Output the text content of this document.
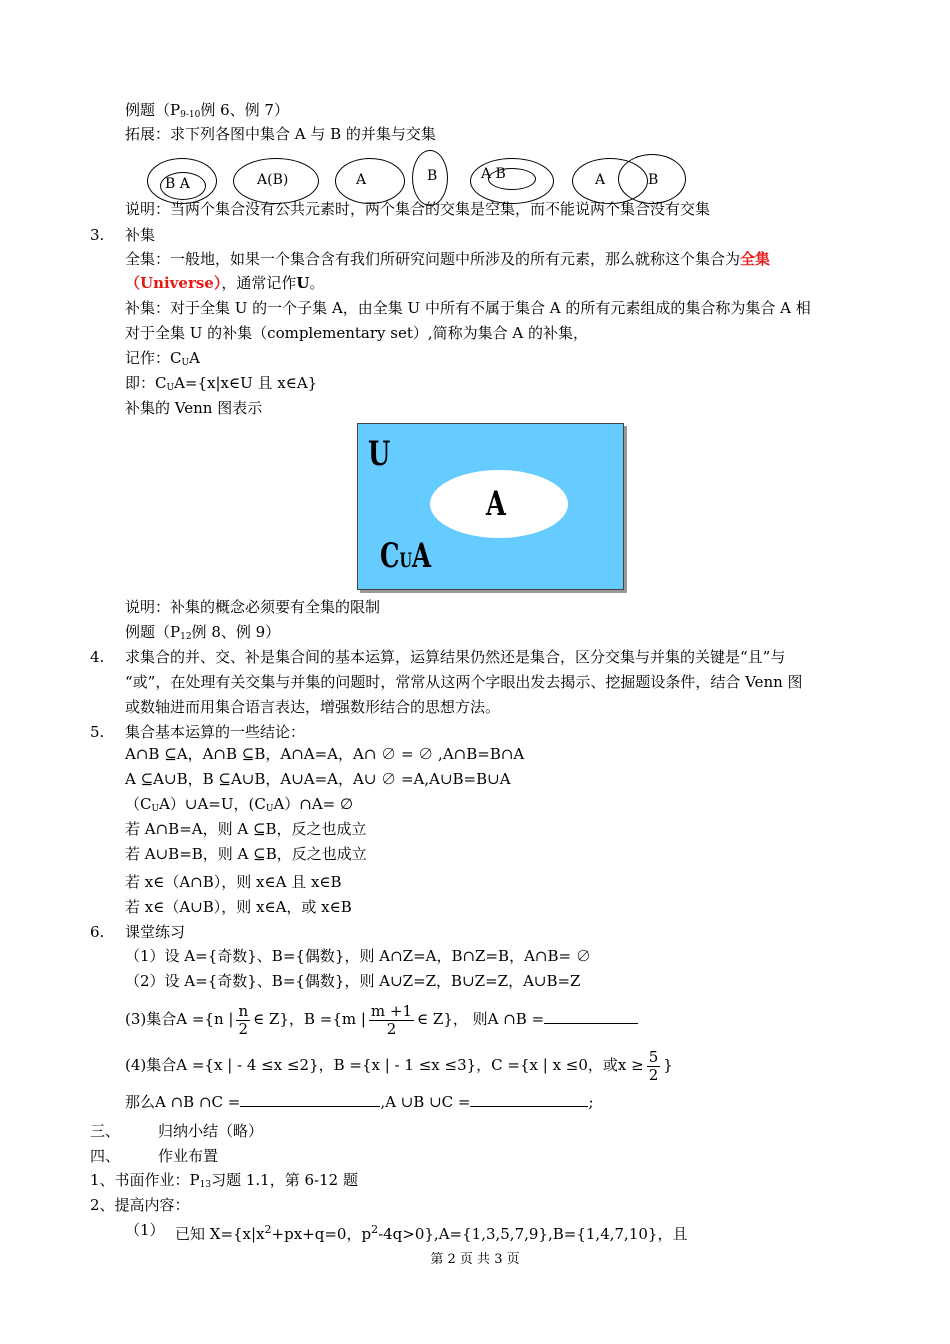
例题（$P_{9-10}$例 6、例 7）
拓展：求下列各图中集合 A 与 B 的并集与交集
B A	A(B)	A	B	A B	A	B
说明：当两个集合没有公共元素时，两个集合的交集是空集，而不能说两个集合没有交集
3. 补集
全集：一般地，如果一个集合含有我们所研究问题中所涉及的所有元素，那么就称这个集合为全集
（Universe），通常记作U。
补集：对于全集 U 的一个子集 A，由全集 U 中所有不属于集合 A 的所有元素组成的集合称为集合 A 相
对于全集 U 的补集（complementary set）,简称为集合 A 的补集，
记作：$C_UA$
即：$C_UA=\{x|x\in U$ 且 x∈A}
补集的 Venn 图表示
U
A
CUA
说明：补集的概念必须要有全集的限制
例题（$P_{12}$例 8、例 9）
4. 求集合的并、交、补是集合间的基本运算，运算结果仍然还是集合，区分交集与并集的关键是“且”与
“或”，在处理有关交集与并集的问题时，常常从这两个字眼出发去揭示、挖掘题设条件，结合 Venn 图
或数轴进而用集合语言表达，增强数形结合的思想方法。
5. 集合基本运算的一些结论：
A∩B ⊆A，A∩B ⊆B，A∩A=A，A∩ ∅ = ∅ ,A∩B=B∩A
A ⊆A∪B，B ⊆A∪B，A∪A=A，A∪ ∅ =A,A∪B=B∪A
$(C_UA)\cup A=U$，$(C_UA)\cap A=$ ∅
若 A∩B=A，则 A ⊆B，反之也成立
若 A∪B=B，则 A ⊆B，反之也成立
若 x∈（A∩B），则 x∈A 且 x∈B
若 x∈（A∪B），则 x∈A，或 x∈B
6. 课堂练习
（1）设 A={奇数}、B={偶数}，则 A∩Z=A，B∩Z=B，A∩B= ∅
（2）设 A={奇数}、B={偶数}，则 A∪Z=Z，B∪Z=Z，A∪B=Z
(3)集合A ={n | $\frac{n}{2}$ ∈ Z}，B ={m | $\frac{m +1}{2}$ ∈ Z}， 则A ∩B =
(4)集合A ={x | - 4 ≤x ≤2}，B ={x | - 1 ≤x ≤3}，C ={x | x ≤0，或$x \ge \frac{5}{2}$ }
那么A ∩B ∩C =	,A ∪B ∪C =	;
三、	归纳小结（略）
四、	作业布置
1、书面作业：$P_{13}$习题 1.1，第 6-12 题
2、提高内容：
（1） 已知 $X=\{x|x^2+px+q=0$，$p^2-4q>0\},A=\{1,3,5,7,9\},B=\{1,4,7,10\}$，且
第 2 页 共 3 页
